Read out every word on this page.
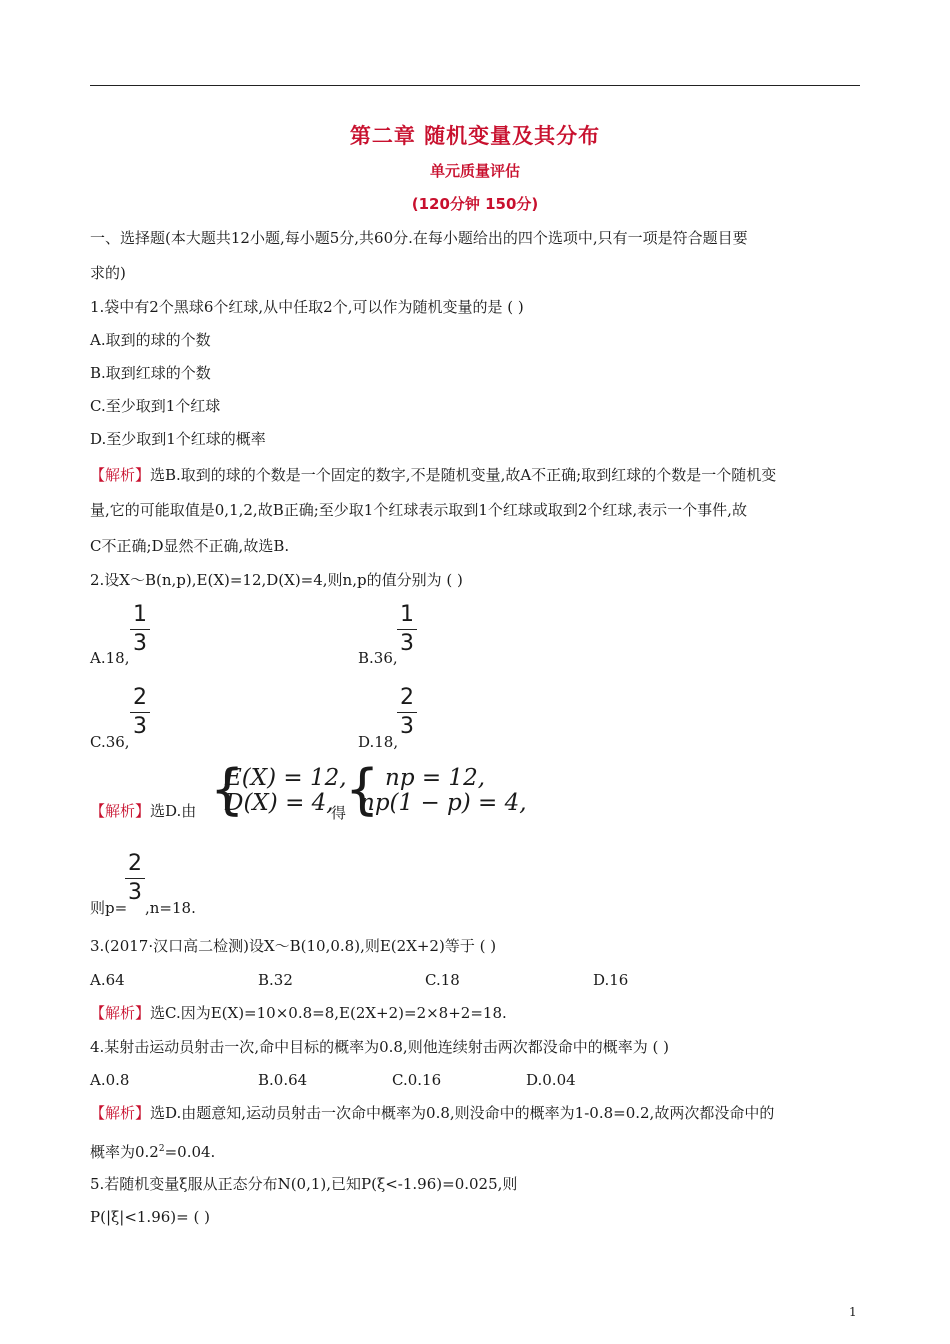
第二章 随机变量及其分布
单元质量评估
(120分钟 150分)
一、选择题(本大题共12小题,每小题5分,共60分.在每小题给出的四个选项中,只有一项是符合题目要
求的)
1.袋中有2个黑球6个红球,从中任取2个,可以作为随机变量的是 ( )
A.取到的球的个数
B.取到红球的个数
C.至少取到1个红球
D.至少取到1个红球的概率
【解析】选B.取到的球的个数是一个固定的数字,不是随机变量,故A不正确;取到红球的个数是一个随机变
量,它的可能取值是0,1,2,故B正确;至少取1个红球表示取到1个红球或取到2个红球,表示一个事件,故
C不正确;D显然不正确,故选B.
2.设X～B(n,p),E(X)=12,D(X)=4,则n,p的值分别为 ( )
A.18,
1
3
B.36,
1
3
C.36,
2
3
D.18,
2
3
【解析】选D.由 {
E(X) = 12,
D(X) = 4,
得
{ np = 12,
np(1 − p) = 4,
则p=
2
3
,n=18.
3.(2017·汉口高二检测)设X～B(10,0.8),则E(2X+2)等于 ( )
A.64	B.32	C.18	D.16
【解析】选C.因为E(X)=10×0.8=8,E(2X+2)=2×8+2=18.
4.某射击运动员射击一次,命中目标的概率为0.8,则他连续射击两次都没命中的概率为 ( )
A.0.8	B.0.64	C.0.16	D.0.04
【解析】选D.由题意知,运动员射击一次命中概率为0.8,则没命中的概率为1-0.8=0.2,故两次都没命中的
概率为$0.2^2=0.04$.
5.若随机变量ξ服从正态分布N(0,1),已知P(ξ<-1.96)=0.025,则
P(|ξ|<1.96)= ( )
1
